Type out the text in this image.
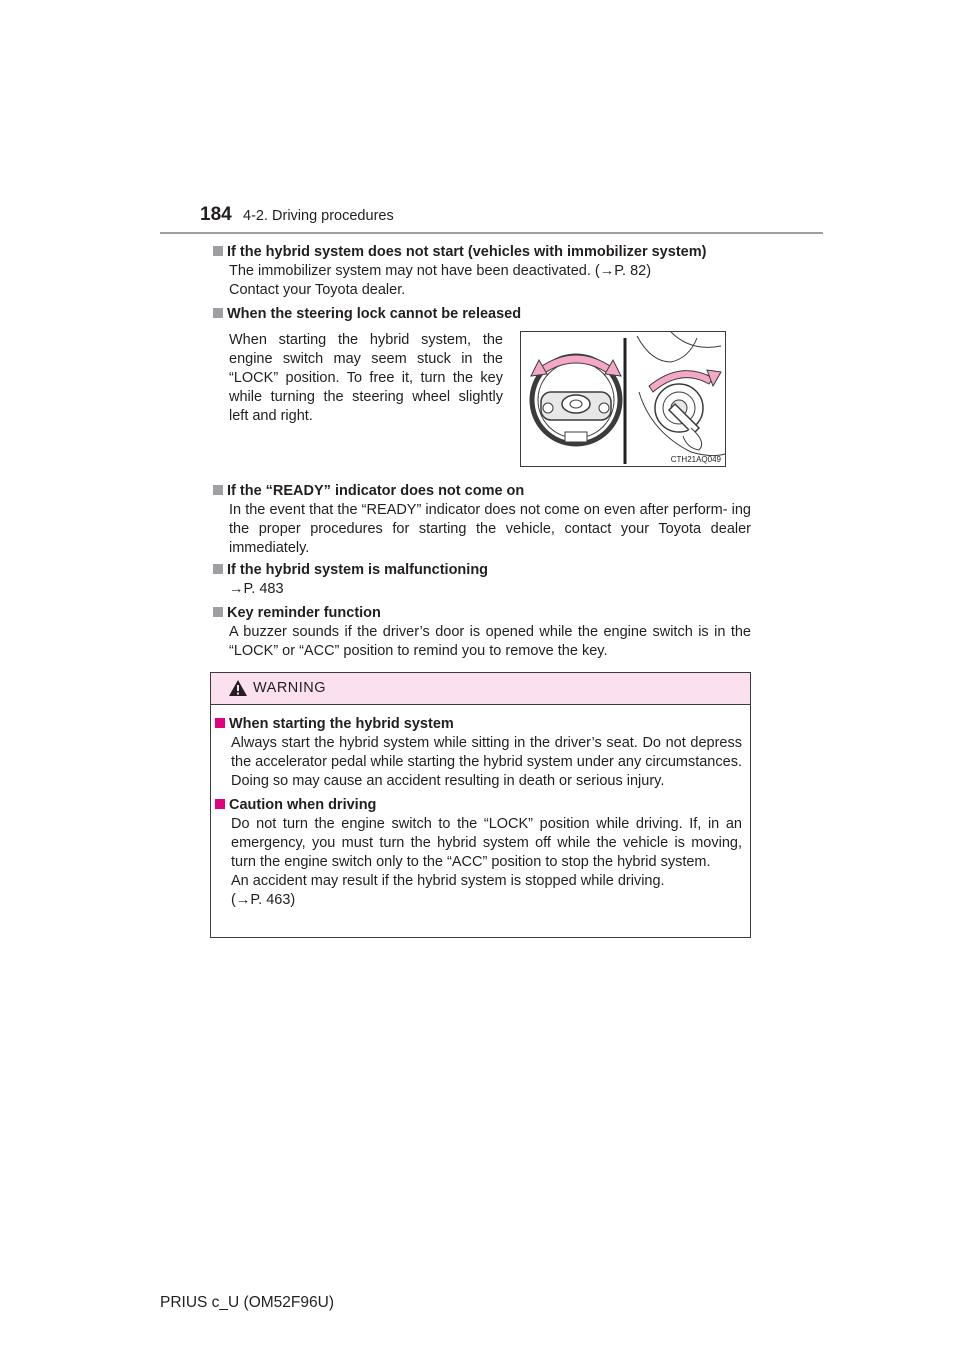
184 4-2. Driving procedures
If the hybrid system does not start (vehicles with immobilizer system)
The immobilizer system may not have been deactivated. (→P. 82)
Contact your Toyota dealer.
When the steering lock cannot be released
When starting the hybrid system, the engine switch may seem stuck in the “LOCK” position. To free it, turn the key while turning the steering wheel slightly left and right.
CTH21AQ049
If the “READY” indicator does not come on
In the event that the “READY” indicator does not come on even after perform- ing the proper procedures for starting the vehicle, contact your Toyota dealer immediately.
If the hybrid system is malfunctioning
→P. 483
Key reminder function
A buzzer sounds if the driver’s door is opened while the engine switch is in the “LOCK” or “ACC” position to remind you to remove the key.
WARNING
When starting the hybrid system
Always start the hybrid system while sitting in the driver’s seat. Do not depress the accelerator pedal while starting the hybrid system under any circumstances.
Doing so may cause an accident resulting in death or serious injury.
Caution when driving
Do not turn the engine switch to the “LOCK” position while driving. If, in an emergency, you must turn the hybrid system off while the vehicle is moving, turn the engine switch only to the “ACC” position to stop the hybrid system.
An accident may result if the hybrid system is stopped while driving.
(→P. 463)
PRIUS c_U (OM52F96U)
